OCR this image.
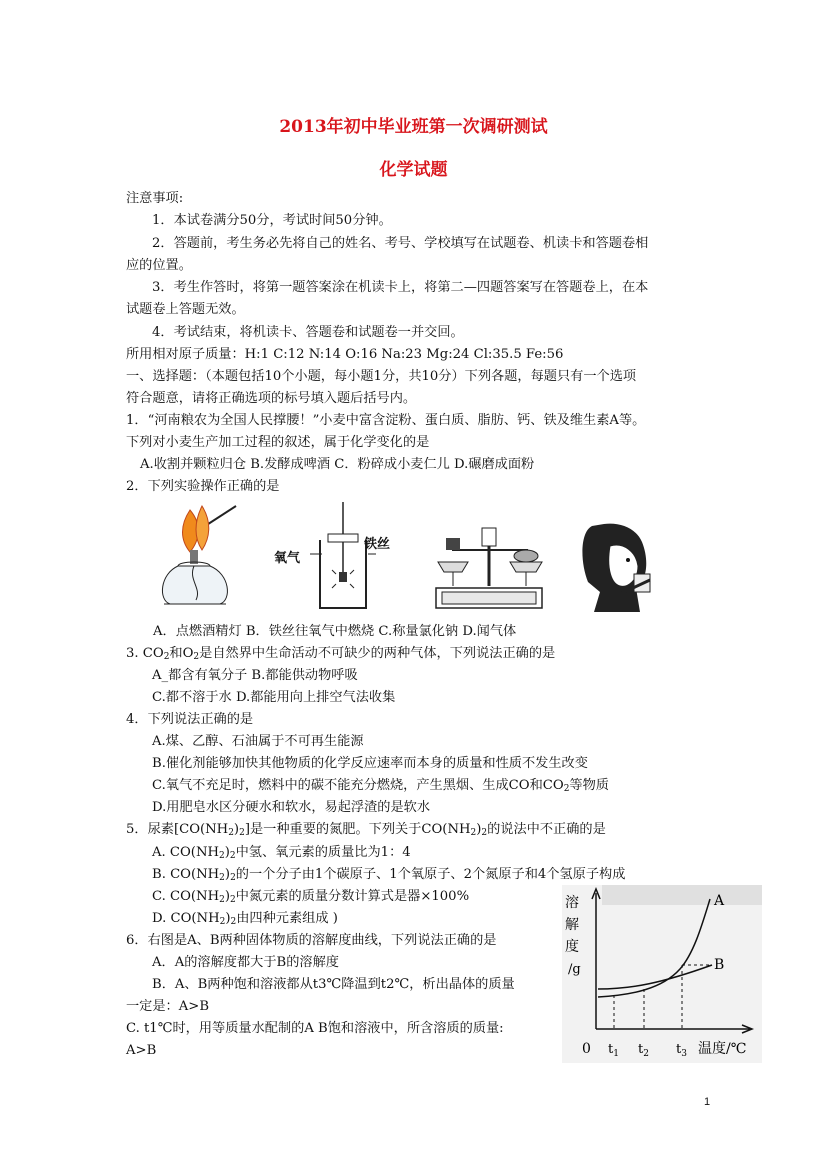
2013年初中毕业班第一次调研测试
化学试题
注意事项:
1．本试卷满分50分，考试时间50分钟。
2．答题前，考生务必先将自己的姓名、考号、学校填写在试题卷、机读卡和答题卷相
应的位置。
3．考生作答时，将第一题答案涂在机读卡上，将第二—四题答案写在答题卷上，在本
试题卷上答题无效。
4．考试结束，将机读卡、答题卷和试题卷一并交回。
所用相对原子质量：H:1 C:12 N:14 O:16 Na:23 Mg:24 Cl:35.5 Fe:56
一、选择题：（本题包括10个小题，每小题1分，共10分）下列各题，每题只有一个选项
符合题意，请将正确选项的标号填入题后括号内。
1．“河南粮农为全国人民撑腰！”小麦中富含淀粉、蛋白质、脂肪、钙、铁及维生素A等。
下列对小麦生产加工过程的叙述，属于化学变化的是
A.收割并颗粒归仓 B.发酵成啤酒 C．粉碎成小麦仁儿 D.碾磨成面粉
2．下列实验操作正确的是
氧气
铁丝
A．点燃酒精灯 B．铁丝往氧气中燃烧 C.称量氯化钠 D.闻气体
3. $CO_2$和$O_2$是自然界中生命活动不可缺少的两种气体，下列说法正确的是
A_都含有氧分子 B.都能供动物呼吸
C.都不溶于水 D.都能用向上排空气法收集
4．下列说法正确的是
A.煤、乙醇、石油属于不可再生能源
B.催化剂能够加快其他物质的化学反应速率而本身的质量和性质不发生改变
C.氧气不充足时，燃料中的碳不能充分燃烧，产生黑烟、生成CO和$CO_2$等物质
D.用肥皂水区分硬水和软水，易起浮渣的是软水
5．尿素$[CO(NH_2)_2]$是一种重要的氮肥。下列关于$CO(NH_2)_2$的说法中不正确的是
A. $CO(NH_2)_2$中氢、氧元素的质量比为1：4
B. $CO(NH_2)_2$的一个分子由1个碳原子、1个氧原子、2个氮原子和4个氢原子构成
C. $CO(NH_2)_2$中氮元素的质量分数计算式是器×100%
D. $CO(NH_2)_2$由四种元素组成 )
6．右图是A、B两种固体物质的溶解度曲线，下列说法正确的是
A．A的溶解度都大于B的溶解度
B．A、B两种饱和溶液都从t3℃降温到t2℃，析出晶体的质量
一定是：A>B
C. t1℃时，用等质量水配制的A B饱和溶液中，所含溶质的质量:
A>B
溶
解
度
/g
A
B
0 $t_1$ $t_2$ $t_3$ 温度/℃
1
